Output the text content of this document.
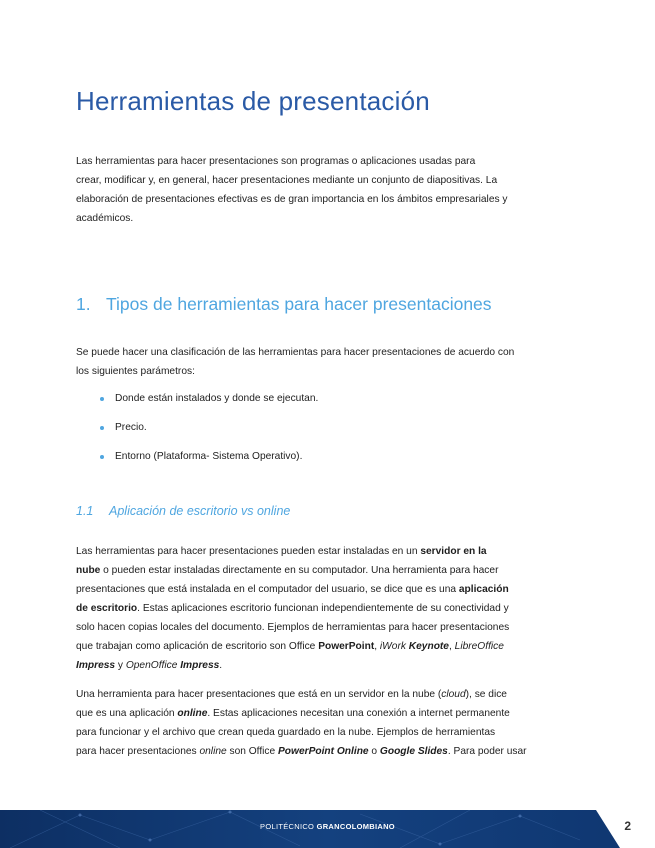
Herramientas de presentación

Las herramientas para hacer presentaciones son programas o aplicaciones usadas para
crear, modificar y, en general, hacer presentaciones mediante un conjunto de diapositivas. La
elaboración de presentaciones efectivas es de gran importancia en los ámbitos empresariales y
académicos.

1. Tipos de herramientas para hacer presentaciones

Se puede hacer una clasificación de las herramientas para hacer presentaciones de acuerdo con
los siguientes parámetros:

Donde están instalados y donde se ejecutan.
Precio.
Entorno (Plataforma- Sistema Operativo).
1.1 Aplicación de escritorio vs online

Las herramientas para hacer presentaciones pueden estar instaladas en un servidor en la
nube o pueden estar instaladas directamente en su computador. Una herramienta para hacer
presentaciones que está instalada en el computador del usuario, se dice que es una aplicación
de escritorio. Estas aplicaciones escritorio funcionan independientemente de su conectividad y
solo hacen copias locales del documento. Ejemplos de herramientas para hacer presentaciones
que trabajan como aplicación de escritorio son Office PowerPoint, iWork Keynote, LibreOffice
Impress y OpenOffice Impress.

Una herramienta para hacer presentaciones que está en un servidor en la nube (cloud), se dice
que es una aplicación online. Estas aplicaciones necesitan una conexión a internet permanente
para funcionar y el archivo que crean queda guardado en la nube. Ejemplos de herramientas
para hacer presentaciones online son Office PowerPoint Online o Google Slides. Para poder usar

POLITÉCNICO GRANCOLOMBIANO	2
